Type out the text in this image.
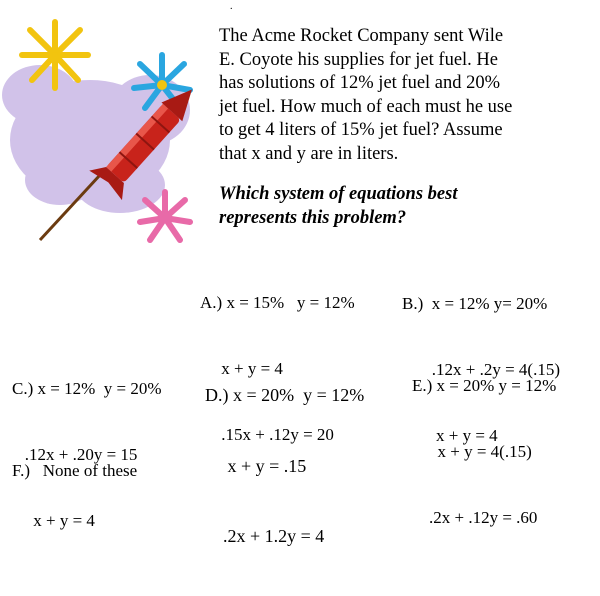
.

The Acme Rocket Company sent Wile
E. Coyote his supplies for jet fuel. He
has solutions of 12% jet fuel and 20%
jet fuel. How much of each must he use
to get 4 liters of 15% jet fuel? Assume
that x and y are in liters.

Which system of equations best
represents this problem?

A.) x = 15%   y = 12%

x + y = 4

.15x + .12y = 20

B.)  x = 12% y= 20%

.12x + .2y = 4(.15)

x + y = 4

C.) x = 12%  y = 20%

.12x + .20y = 15

x + y = 4

D.) x = 20%  y = 12%

x + y = .15

.2x + 1.2y = 4

E.) x = 20% y = 12%

x + y = 4(.15)

.2x + .12y = .60

F.)   None of these
